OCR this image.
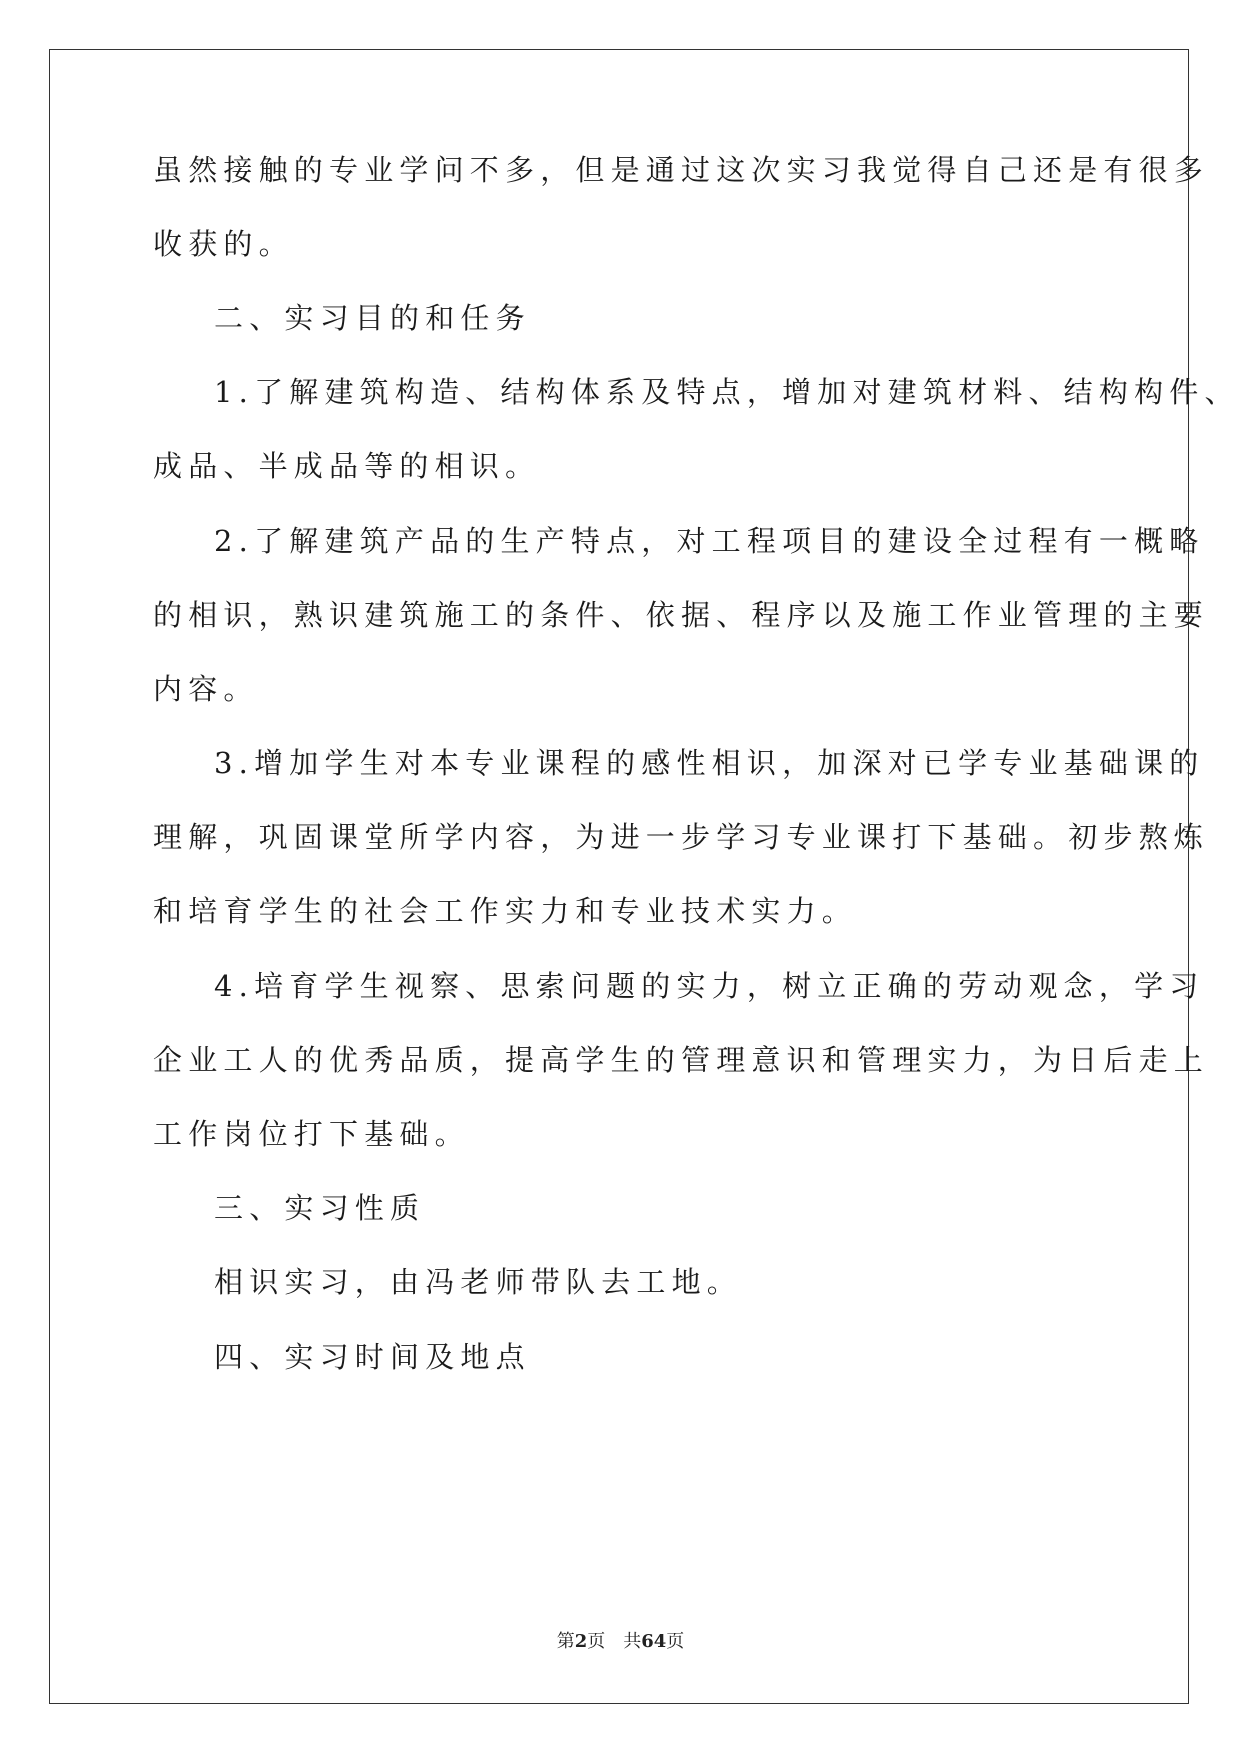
虽然接触的专业学问不多，但是通过这次实习我觉得自己还是有很多
收获的。
二、实习目的和任务
1.了解建筑构造、结构体系及特点，增加对建筑材料、结构构件、
成品、半成品等的相识。
2.了解建筑产品的生产特点，对工程项目的建设全过程有一概略
的相识，熟识建筑施工的条件、依据、程序以及施工作业管理的主要
内容。
3.增加学生对本专业课程的感性相识，加深对已学专业基础课的
理解，巩固课堂所学内容，为进一步学习专业课打下基础。初步熬炼
和培育学生的社会工作实力和专业技术实力。
4.培育学生视察、思索问题的实力，树立正确的劳动观念，学习
企业工人的优秀品质，提高学生的管理意识和管理实力，为日后走上
工作岗位打下基础。
三、实习性质
相识实习，由冯老师带队去工地。
四、实习时间及地点
第2页　共64页
